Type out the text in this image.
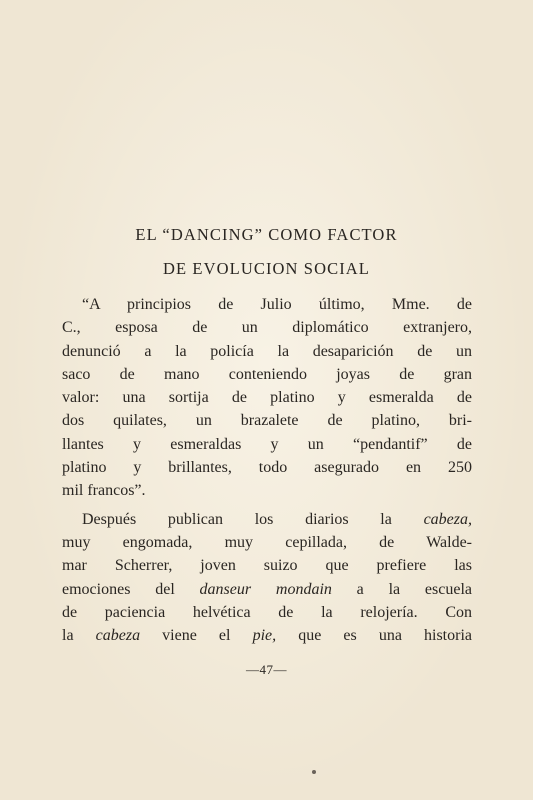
EL “DANCING” COMO FACTOR
DE EVOLUCION SOCIAL
“A principios de Julio último, Mme. de
C., esposa de un diplomático extranjero,
denunció a la policía la desaparición de un
saco de mano conteniendo joyas de gran
valor: una sortija de platino y esmeralda de
dos quilates, un brazalete de platino, bri-
llantes y esmeraldas y un “pendantif” de
platino y brillantes, todo asegurado en 250
mil francos”.
Después publican los diarios la cabeza,
muy engomada, muy cepillada, de Walde-
mar Scherrer, joven suizo que prefiere las
emociones del danseur mondain a la escuela
de paciencia helvética de la relojería. Con
la cabeza viene el pie, que es una historia
—47—
